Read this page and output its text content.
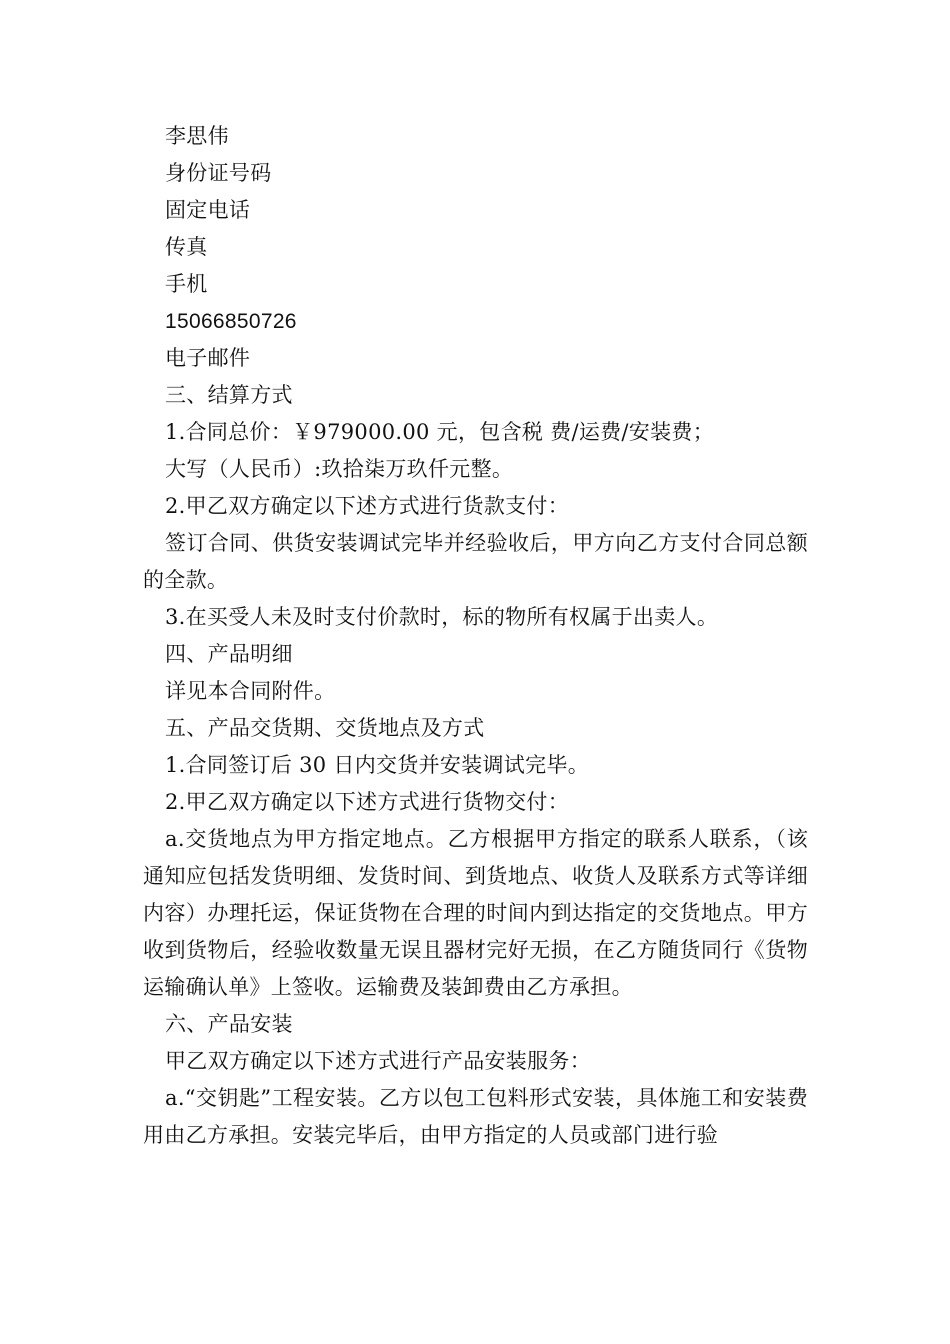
李思伟
身份证号码
固定电话
传真
手机
15066850726
电子邮件
三、结算方式
1.合同总价：￥979000.00 元，包含税 费/运费/安装费；
大写（人民币）:玖拾柒万玖仟元整。
2.甲乙双方确定以下述方式进行货款支付：
签订合同、供货安装调试完毕并经验收后，甲方向乙方支付合同总额的全款。
3.在买受人未及时支付价款时，标的物所有权属于出卖人。
四、产品明细
详见本合同附件。
五、产品交货期、交货地点及方式
1.合同签订后 30 日内交货并安装调试完毕。
2.甲乙双方确定以下述方式进行货物交付：
a.交货地点为甲方指定地点。乙方根据甲方指定的联系人联系，（该通知应包括发货明细、发货时间、到货地点、收货人及联系方式等详细内容）办理托运，保证货物在合理的时间内到达指定的交货地点。甲方收到货物后，经验收数量无误且器材完好无损，在乙方随货同行《货物运输确认单》上签收。运输费及装卸费由乙方承担。
六、产品安装
甲乙双方确定以下述方式进行产品安装服务：
a.“交钥匙”工程安装。乙方以包工包料形式安装，具体施工和安装费用由乙方承担。安装完毕后，由甲方指定的人员或部门进行验
